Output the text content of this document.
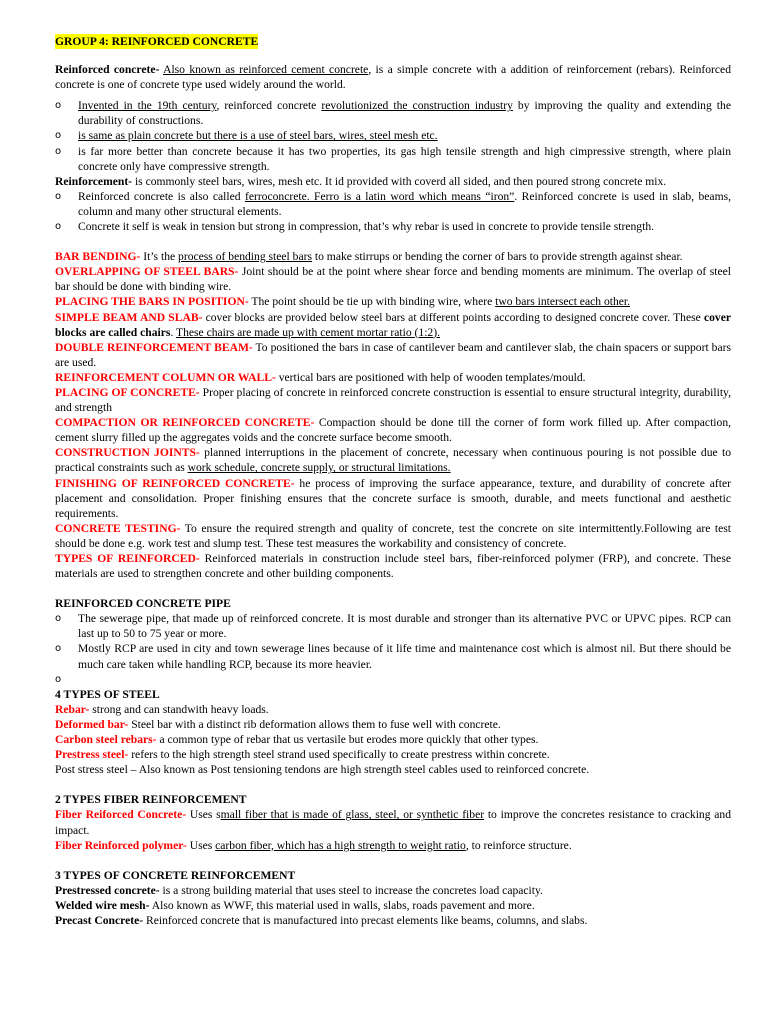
GROUP 4: REINFORCED CONCRETE

Reinforced concrete- Also known as reinforced cement concrete, is a simple concrete with a addition of reinforcement (rebars). Reinforced concrete is one of concrete type used widely around the world.

o Invented in the 19th century, reinforced concrete revolutionized the construction industry by improving the quality and extending the durability of constructions.

o is same as plain concrete but there is a use of steel bars, wires, steel mesh etc.

o is far more better than concrete because it has two properties, its gas high tensile strength and high cimpressive strength, where plain concrete only have compressive strength.

Reinforcement- is commonly steel bars, wires, mesh etc. It id provided with coverd all sided, and then poured strong concrete mix.

o Reinforced concrete is also called ferroconcrete. Ferro is a latin word which means “iron”. Reinforced concrete is used in slab, beams, column and many other structural elements.

o Concrete it self is weak in tension but strong in compression, that’s why rebar is used in concrete to provide tensile strength.

BAR BENDING- It’s the process of bending steel bars to make stirrups or bending the corner of bars to provide strength against shear.

OVERLAPPING OF STEEL BARS- Joint should be at the point where shear force and bending moments are minimum. The overlap of steel bar should be done with binding wire.

PLACING THE BARS IN POSITION- The point should be tie up with binding wire, where two bars intersect each other.

SIMPLE BEAM AND SLAB- cover blocks are provided below steel bars at different points according to designed concrete cover. These cover blocks are called chairs. These chairs are made up with cement mortar ratio (1:2).

DOUBLE REINFORCEMENT BEAM- To positioned the bars in case of cantilever beam and cantilever slab, the chain spacers or support bars are used.

REINFORCEMENT COLUMN OR WALL- vertical bars are positioned with help of wooden templates/mould.

PLACING OF CONCRETE- Proper placing of concrete in reinforced concrete construction is essential to ensure structural integrity, durability, and strength

COMPACTION OR REINFORCED CONCRETE- Compaction should be done till the corner of form work filled up. After compaction, cement slurry filled up the aggregates voids and the concrete surface become smooth.

CONSTRUCTION JOINTS- planned interruptions in the placement of concrete, necessary when continuous pouring is not possible due to practical constraints such as work schedule, concrete supply, or structural limitations.

FINISHING OF REINFORCED CONCRETE- he process of improving the surface appearance, texture, and durability of concrete after placement and consolidation. Proper finishing ensures that the concrete surface is smooth, durable, and meets functional and aesthetic requirements.

CONCRETE TESTING- To ensure the required strength and quality of concrete, test the concrete on site intermittently.Following are test should be done e.g. work test and slump test. These test measures the workability and consistency of concrete.

TYPES OF REINFORCED- Reinforced materials in construction include steel bars, fiber-reinforced polymer (FRP), and concrete. These materials are used to strengthen concrete and other building components.

REINFORCED CONCRETE PIPE

o The sewerage pipe, that made up of reinforced concrete. It is most durable and stronger than its alternative PVC or UPVC pipes. RCP can last up to 50 to 75 year or more.

o Mostly RCP are used in city and town sewerage lines because of it life time and maintenance cost which is almost nil. But there should be much care taken while handling RCP, because its more heavier.

o

4 TYPES OF STEEL

Rebar- strong and can standwith heavy loads.

Deformed bar- Steel bar with a distinct rib deformation allows them to fuse well with concrete.

Carbon steel rebars- a common type of rebar that us vertasile but erodes more quickly that other types.

Prestress steel- refers to the high strength steel strand used specifically to create prestress within concrete.

Post stress steel – Also known as Post tensioning tendons are high strength steel cables used to reinforced concrete.

2 TYPES FIBER REINFORCEMENT

Fiber Reiforced Concrete- Uses small fiber that is made of glass, steel, or synthetic fiber to improve the concretes resistance to cracking and impact.

Fiber Reinforced polymer- Uses carbon fiber, which has a high strength to weight ratio, to reinforce structure.

3 TYPES OF CONCRETE REINFORCEMENT

Prestressed concrete- is a strong building material that uses steel to increase the concretes load capacity.

Welded wire mesh- Also known as WWF, this material used in walls, slabs, roads pavement and more.

Precast Concrete- Reinforced concrete that is manufactured into precast elements like beams, columns, and slabs.
